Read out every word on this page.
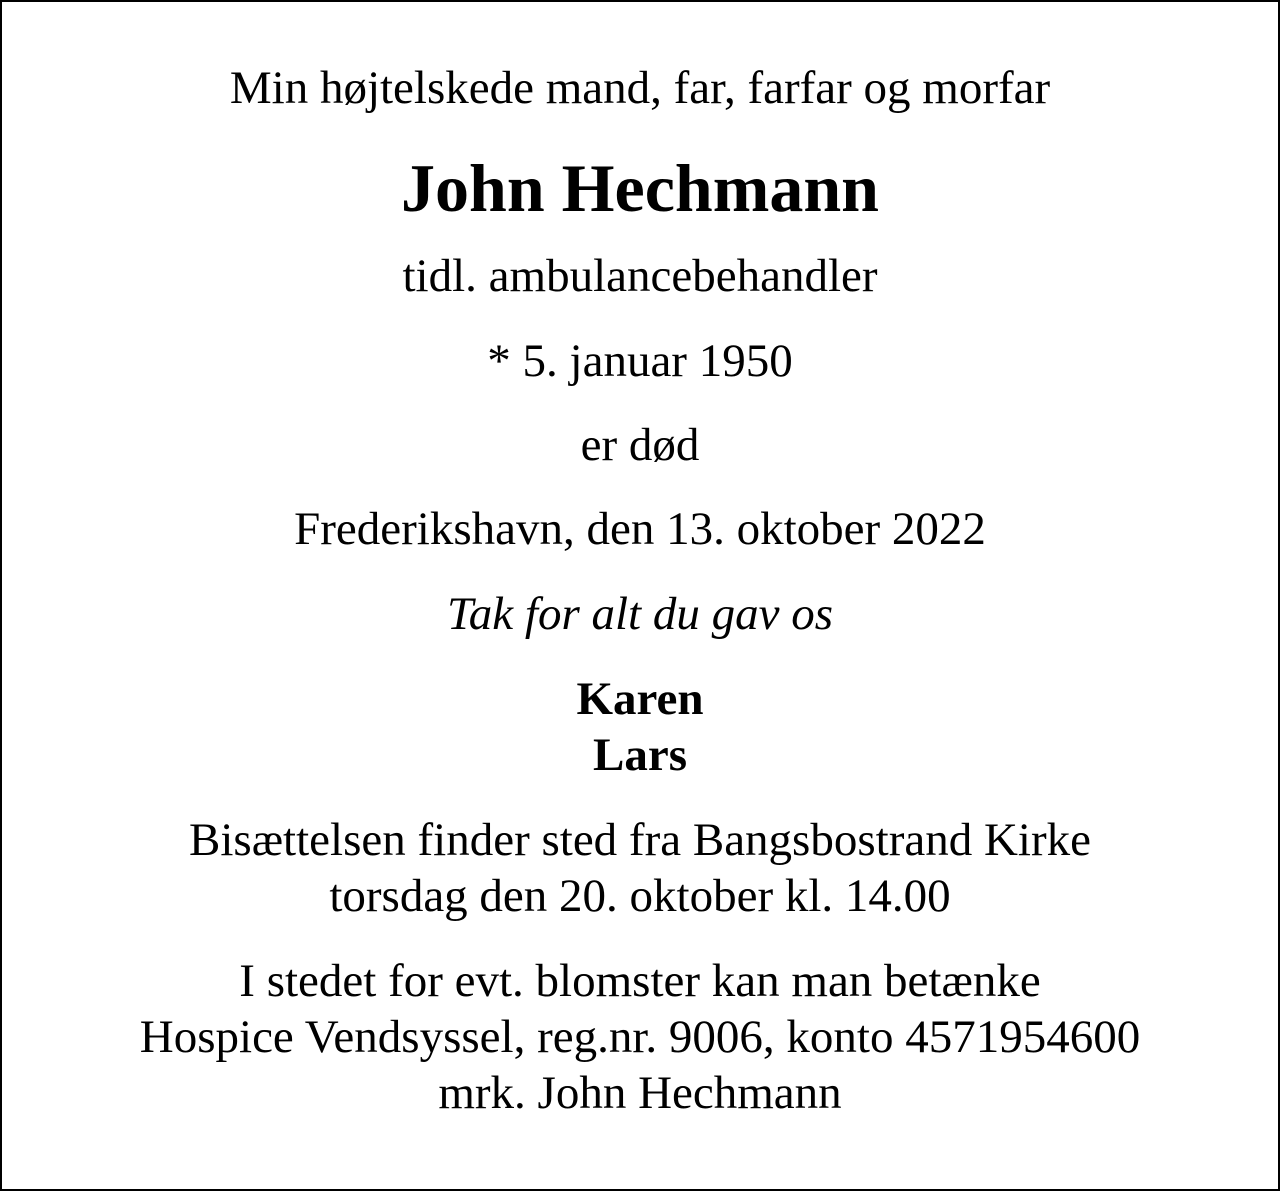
Min højtelskede mand, far, farfar og morfar
John Hechmann
tidl. ambulancebehandler
* 5. januar 1950
er død
Frederikshavn, den 13. oktober 2022
Tak for alt du gav os
Karen
Lars
Bisættelsen finder sted fra Bangsbostrand Kirke
torsdag den 20. oktober kl. 14.00
I stedet for evt. blomster kan man betænke
Hospice Vendsyssel, reg.nr. 9006, konto 4571954600
mrk. John Hechmann
